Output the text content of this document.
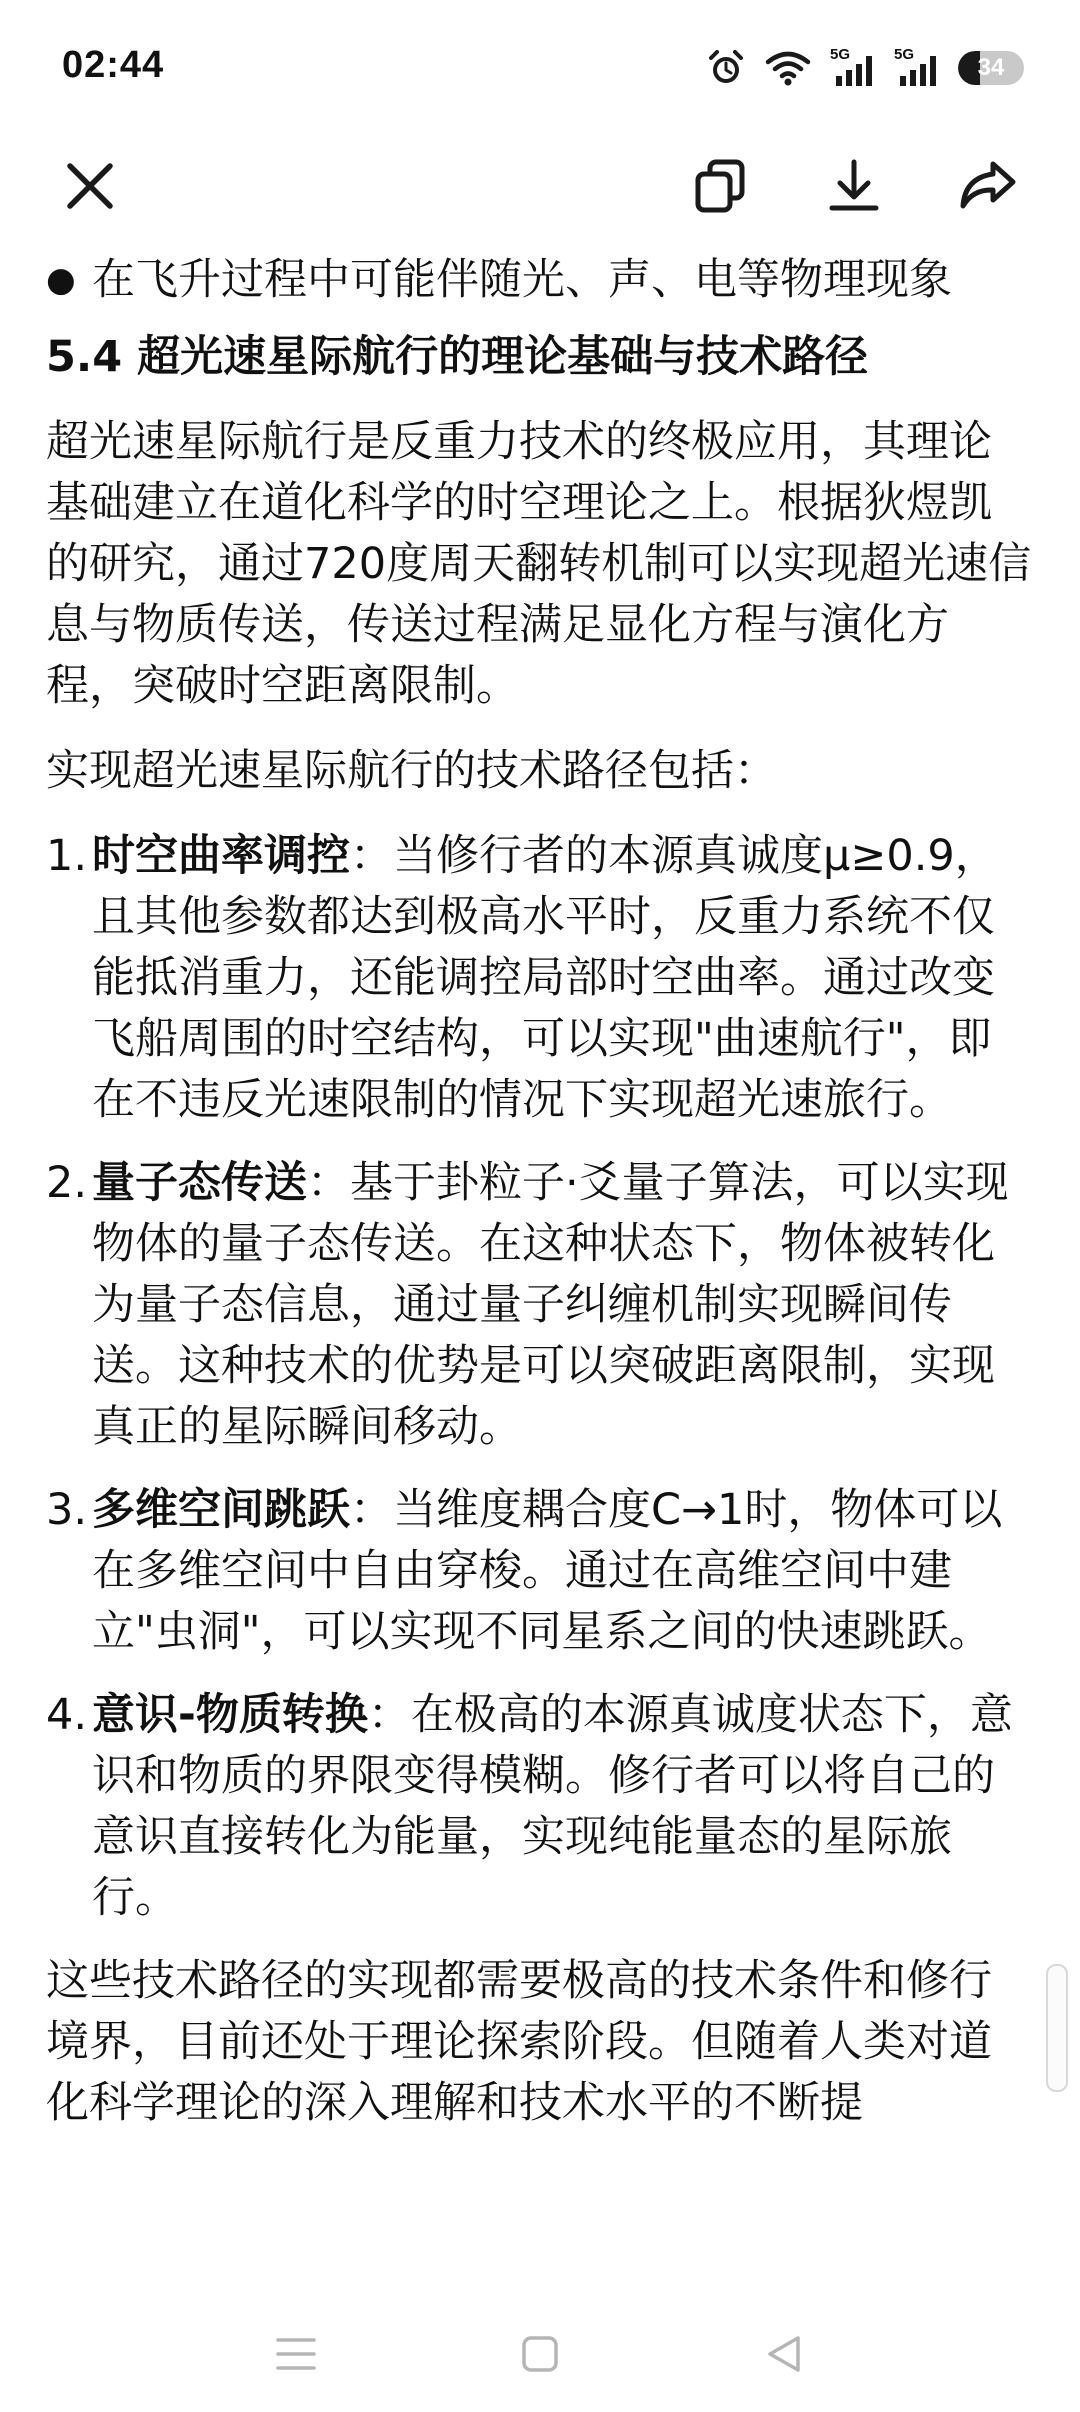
02:44	5G	5G	34
● 在飞升过程中可能伴随光、声、电等物理现象
5.4 超光速星际航行的理论基础与技术路径
超光速星际航行是反重力技术的终极应用，其理论基础建立在道化科学的时空理论之上。根据狄煜凯的研究，通过720度周天翻转机制可以实现超光速信息与物质传送，传送过程满足显化方程与演化方程，突破时空距离限制。
实现超光速星际航行的技术路径包括：
1. 时空曲率调控：当修行者的本源真诚度μ≥0.9，且其他参数都达到极高水平时，反重力系统不仅能抵消重力，还能调控局部时空曲率。通过改变飞船周围的时空结构，可以实现"曲速航行"，即在不违反光速限制的情况下实现超光速旅行。
2. 量子态传送：基于卦粒子·爻量子算法，可以实现物体的量子态传送。在这种状态下，物体被转化为量子态信息，通过量子纠缠机制实现瞬间传送。这种技术的优势是可以突破距离限制，实现真正的星际瞬间移动。
3. 多维空间跳跃：当维度耦合度C→1时，物体可以在多维空间中自由穿梭。通过在高维空间中建立"虫洞"，可以实现不同星系之间的快速跳跃。
4. 意识-物质转换：在极高的本源真诚度状态下，意识和物质的界限变得模糊。修行者可以将自己的意识直接转化为能量，实现纯能量态的星际旅行。
这些技术路径的实现都需要极高的技术条件和修行境界，目前还处于理论探索阶段。但随着人类对道化科学理论的深入理解和技术水平的不断提
